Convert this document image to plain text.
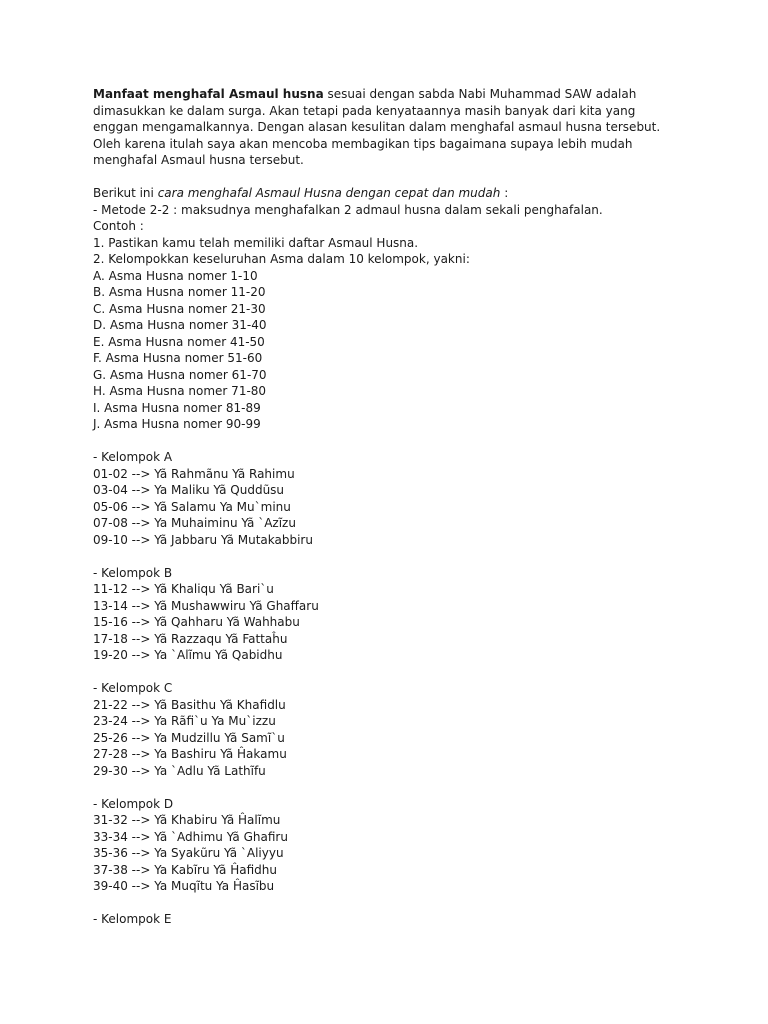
Manfaat menghafal Asmaul husna sesuai dengan sabda Nabi Muhammad SAW adalah dimasukkan ke dalam surga. Akan tetapi pada kenyataannya masih banyak dari kita yang enggan mengamalkannya. Dengan alasan kesulitan dalam menghafal asmaul husna tersebut. Oleh karena itulah saya akan mencoba membagikan tips bagaimana supaya lebih mudah menghafal Asmaul husna tersebut.

Berikut ini cara menghafal Asmaul Husna dengan cepat dan mudah :

- Metode 2-2 : maksudnya menghafalkan 2 admaul husna dalam sekali penghafalan.

Contoh :

1. Pastikan kamu telah memiliki daftar Asmaul Husna.

2. Kelompokkan keseluruhan Asma dalam 10 kelompok, yakni:

A. Asma Husna nomer 1-10

B. Asma Husna nomer 11-20

C. Asma Husna nomer 21-30

D. Asma Husna nomer 31-40

E. Asma Husna nomer 41-50

F. Asma Husna nomer 51-60

G. Asma Husna nomer 61-70

H. Asma Husna nomer 71-80

I. Asma Husna nomer 81-89

J. Asma Husna nomer 90-99

- Kelompok A

01-02 --> Yã Rahmãnu Yã Rahimu

03-04 --> Ya Maliku Yã Quddũsu

05-06 --> Yã Salamu Ya Mu`minu

07-08 --> Ya Muhaiminu Yã `Azĩzu

09-10 --> Yã Jabbaru Yã Mutakabbiru

- Kelompok B

11-12 --> Yã Khaliqu Yã Bari`u

13-14 --> Yã Mushawwiru Yã Ghaffaru

15-16 --> Yã Qahharu Yã Wahhabu

17-18 --> Yã Razzaqu Yã Fattaĥu

19-20 --> Ya `Alĩmu Yã Qabidhu

- Kelompok C

21-22 --> Yã Basithu Yã Khafidlu

23-24 --> Ya Rãfi`u Ya Mu`izzu

25-26 --> Ya Mudzillu Yã Samĩ`u

27-28 --> Ya Bashiru Yã Ĥakamu

29-30 --> Ya `Adlu Yã Lathĩfu

- Kelompok D

31-32 --> Yã Khabiru Yã Ĥalĩmu

33-34 --> Yã `Adhimu Yã Ghafiru

35-36 --> Ya Syakũru Yã `Aliyyu

37-38 --> Ya Kabĩru Yã Ĥafidhu

39-40 --> Ya Muqĩtu Ya Ĥasĩbu

- Kelompok E
